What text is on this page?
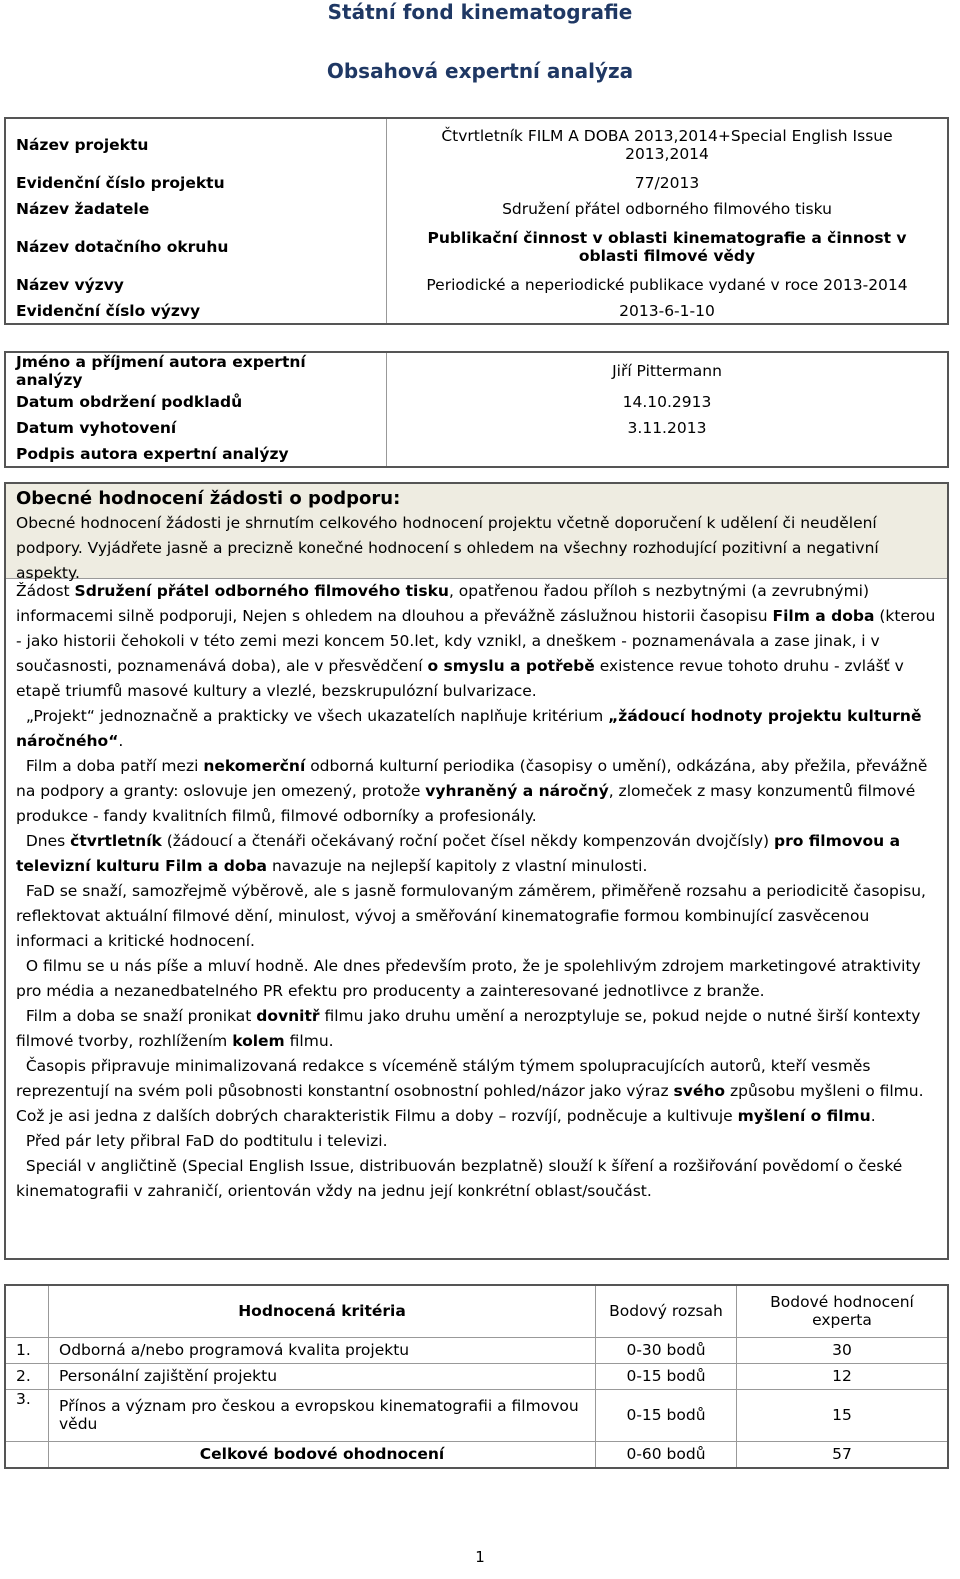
Státní fond kinematografie
Obsahová expertní analýza
Název projektu	Čtvrtletník FILM A DOBA 2013,2014+Special English Issue 2013,2014
Evidenční číslo projektu	77/2013
Název žadatele	Sdružení přátel odborného filmového tisku
Název dotačního okruhu	Publikační činnost v oblasti kinematografie a činnost v oblasti filmové vědy
Název výzvy	Periodické a neperiodické publikace vydané v roce 2013-2014
Evidenční číslo výzvy	2013-6-1-10
Jméno a příjmení autora expertní analýzy	Jiří Pittermann
Datum obdržení podkladů	14.10.2913
Datum vyhotovení	3.11.2013
Podpis autora expertní analýzy	
Obecné hodnocení žádosti o podporu:

Obecné hodnocení žádosti je shrnutím celkového hodnocení projektu včetně doporučení k udělení či neudělení podpory. Vyjádřete jasně a precizně konečné hodnocení s ohledem na všechny rozhodující pozitivní a negativní aspekty.

Žádost Sdružení přátel odborného filmového tisku, opatřenou řadou příloh s nezbytnými (a zevrubnými) informacemi silně podporuji, Nejen s ohledem na dlouhou a převážně záslužnou historii časopisu Film a doba (kterou - jako historii čehokoli v této zemi mezi koncem 50.let, kdy vznikl, a dneškem - poznamenávala a zase jinak, i v současnosti, poznamenává doba), ale v přesvědčení o smyslu a potřebě existence revue tohoto druhu - zvlášť v etapě triumfů masové kultury a vlezlé, bezskrupulózní bulvarizace.

„Projekt“ jednoznačně a prakticky ve všech ukazatelích naplňuje kritérium „žádoucí hodnoty projektu kulturně náročného“.

Film a doba patří mezi nekomerční odborná kulturní periodika (časopisy o umění), odkázána, aby přežila, převážně na podpory a granty: oslovuje jen omezený, protože vyhraněný a náročný, zlomeček z masy konzumentů filmové produkce - fandy kvalitních filmů, filmové odborníky a profesionály.

Dnes čtvrtletník (žádoucí a čtenáři očekávaný roční počet čísel někdy kompenzován dvojčísly) pro filmovou a televizní kulturu Film a doba navazuje na nejlepší kapitoly z vlastní minulosti.

FaD se snaží, samozřejmě výběrově, ale s jasně formulovaným záměrem, přiměřeně rozsahu a periodicitě časopisu, reflektovat aktuální filmové dění, minulost, vývoj a směřování kinematografie formou kombinující zasvěcenou informaci a kritické hodnocení.

O filmu se u nás píše a mluví hodně. Ale dnes především proto, že je spolehlivým zdrojem marketingové atraktivity pro média a nezanedbatelného PR efektu pro producenty a zainteresované jednotlivce z branže.

Film a doba se snaží pronikat dovnitř filmu jako druhu umění a nerozptyluje se, pokud nejde o nutné širší kontexty filmové tvorby, rozhlížením kolem filmu.

Časopis připravuje minimalizovaná redakce s víceméně stálým týmem spolupracujících autorů, kteří vesměs reprezentují na svém poli působnosti konstantní osobnostní pohled/názor jako výraz svého způsobu myšleni o filmu. Což je asi jedna z dalších dobrých charakteristik Filmu a doby – rozvíjí, podněcuje a kultivuje myšlení o filmu.

Před pár lety přibral FaD do podtitulu i televizi.

Speciál v angličtině (Special English Issue, distribuován bezplatně) slouží k šíření a rozšiřování povědomí o české kinematografii v zahraničí, orientován vždy na jednu její konkrétní oblast/součást.

	Hodnocená kritéria	Bodový rozsah	Bodové hodnocení experta
1.	Odborná a/nebo programová kvalita projektu	0-30 bodů	30
2.	Personální zajištění projektu	0-15 bodů	12
3.	Přínos a význam pro českou a evropskou kinematografii a filmovou vědu	0-15 bodů	15
	Celkové bodové ohodnocení	0-60 bodů	57
1
